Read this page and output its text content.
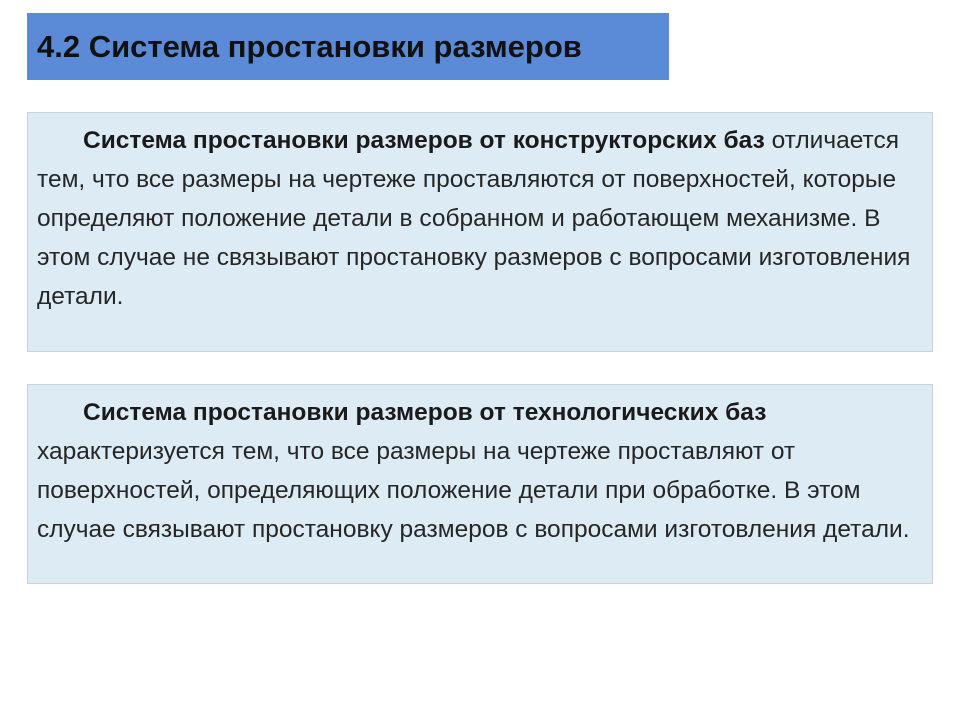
4.2 Система простановки размеров

Система простановки размеров от конструкторских баз отличается тем, что все размеры на чертеже проставляются от поверхностей, которые определяют положение детали в собранном и работающем механизме. В этом случае не связывают простановку размеров с вопросами изготовления детали.

Система простановки размеров от технологических баз характеризуется тем, что все размеры на чертеже проставляют от поверхностей, определяющих положение детали при обработке. В этом случае связывают простановку размеров с вопросами изготовления детали.
